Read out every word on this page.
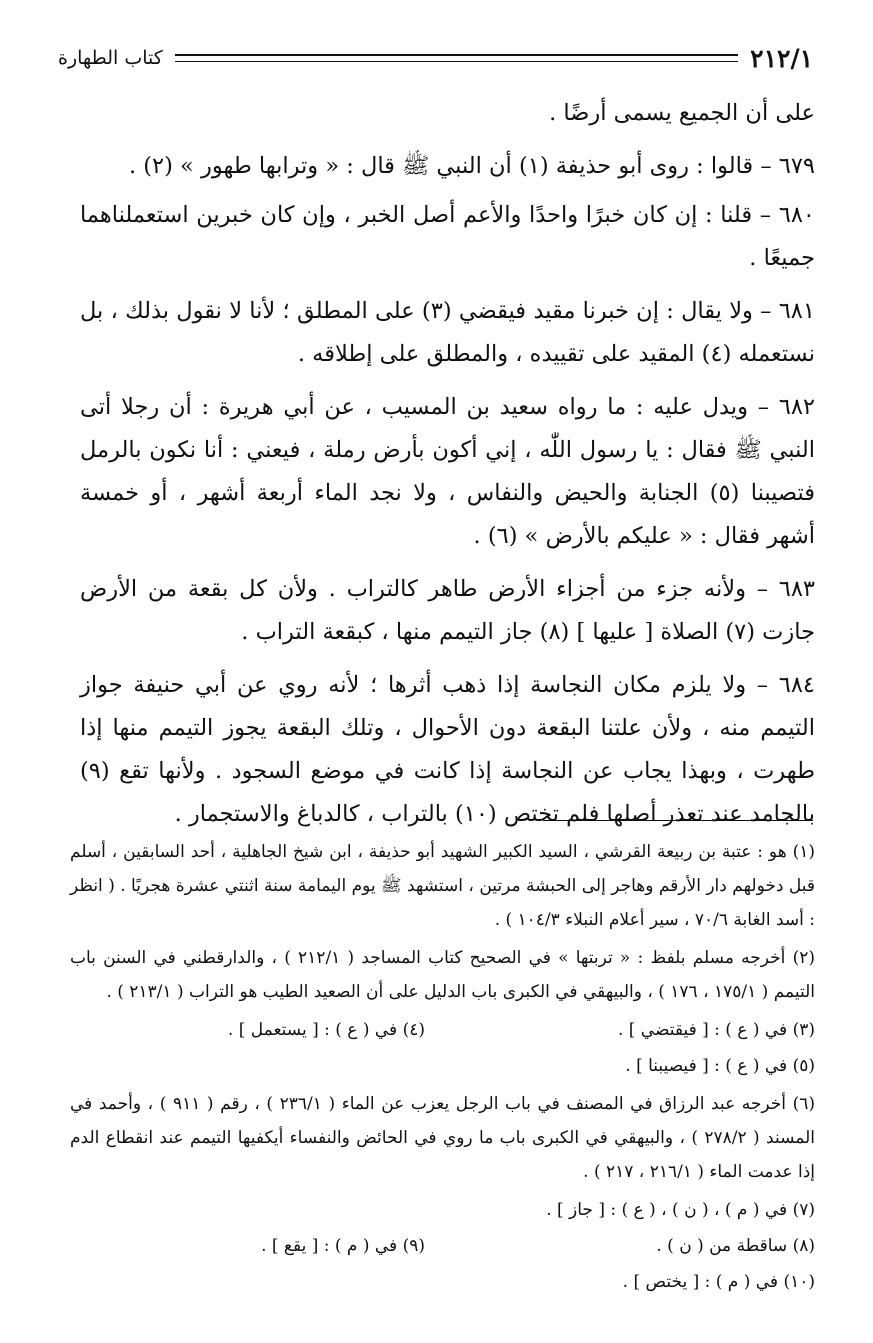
٢١٢/١
كتاب الطهارة

على أن الجميع يسمى أرضًا .

٦٧٩ – قالوا : روى أبو حذيفة (١) أن النبي ﷺ قال : « وترابها طهور » (٢) .

٦٨٠ – قلنا : إن كان خبرًا واحدًا والأعم أصل الخبر ، وإن كان خبرين استعملناهما جميعًا .

٦٨١ – ولا يقال : إن خبرنا مقيد فيقضي (٣) على المطلق ؛ لأنا لا نقول بذلك ، بل نستعمله (٤) المقيد على تقييده ، والمطلق على إطلاقه .

٦٨٢ – ويدل عليه : ما رواه سعيد بن المسيب ، عن أبي هريرة : أن رجلا أتى النبي ﷺ فقال : يا رسول اللّٰه ، إني أكون بأرض رملة ، فيعني : أنا نكون بالرمل فتصيبنا (٥) الجنابة والحيض والنفاس ، ولا نجد الماء أربعة أشهر ، أو خمسة أشهر فقال : « عليكم بالأرض » (٦) .

٦٨٣ – ولأنه جزء من أجزاء الأرض طاهر كالتراب . ولأن كل بقعة من الأرض جازت (٧) الصلاة [ عليها ] (٨) جاز التيمم منها ، كبقعة التراب .

٦٨٤ – ولا يلزم مكان النجاسة إذا ذهب أثرها ؛ لأنه روي عن أبي حنيفة جواز التيمم منه ، ولأن علتنا البقعة دون الأحوال ، وتلك البقعة يجوز التيمم منها إذا طهرت ، وبهذا يجاب عن النجاسة إذا كانت في موضع السجود . ولأنها تقع (٩) بالجامد عند تعذر أصلها فلم تختص (١٠) بالتراب ، كالدباغ والاستجمار .

(١) هو : عتبة بن ربيعة القرشي ، السيد الكبير الشهيد أبو حذيفة ، ابن شيخ الجاهلية ، أحد السابقين ، أسلم قبل دخولهم دار الأرقم وهاجر إلى الحبشة مرتين ، استشهد ﷺ يوم اليمامة سنة اثنتي عشرة هجريًا . ( انظر : أسد الغابة ٧٠/٦ ، سير أعلام النبلاء ١٠٤/٣ ) .

(٢) أخرجه مسلم بلفظ : « تربتها » في الصحيح كتاب المساجد ( ٢١٢/١ ) ، والدارقطني في السنن باب التيمم ( ١٧٥/١ ، ١٧٦ ) ، والبيهقي في الكبرى باب الدليل على أن الصعيد الطيب هو التراب ( ٢١٣/١ ) .

(٣) في ( ع ) : [ فيقتضي ] .
(٤) في ( ع ) : [ يستعمل ] .

(٥) في ( ع ) : [ فيصيبنا ] .

(٦) أخرجه عبد الرزاق في المصنف في باب الرجل يعزب عن الماء ( ٢٣٦/١ ) ، رقم ( ٩١١ ) ، وأحمد في المسند ( ٢٧٨/٢ ) ، والبيهقي في الكبرى باب ما روي في الحائض والنفساء أيكفيها التيمم عند انقطاع الدم إذا عدمت الماء ( ٢١٦/١ ، ٢١٧ ) .

(٧) في ( م ) ، ( ن ) ، ( ع ) : [ جاز ] .
(٨) ساقطة من ( ن ) .
(٩) في ( م ) : [ يقع ] .

(١٠) في ( م ) : [ يختص ] .
